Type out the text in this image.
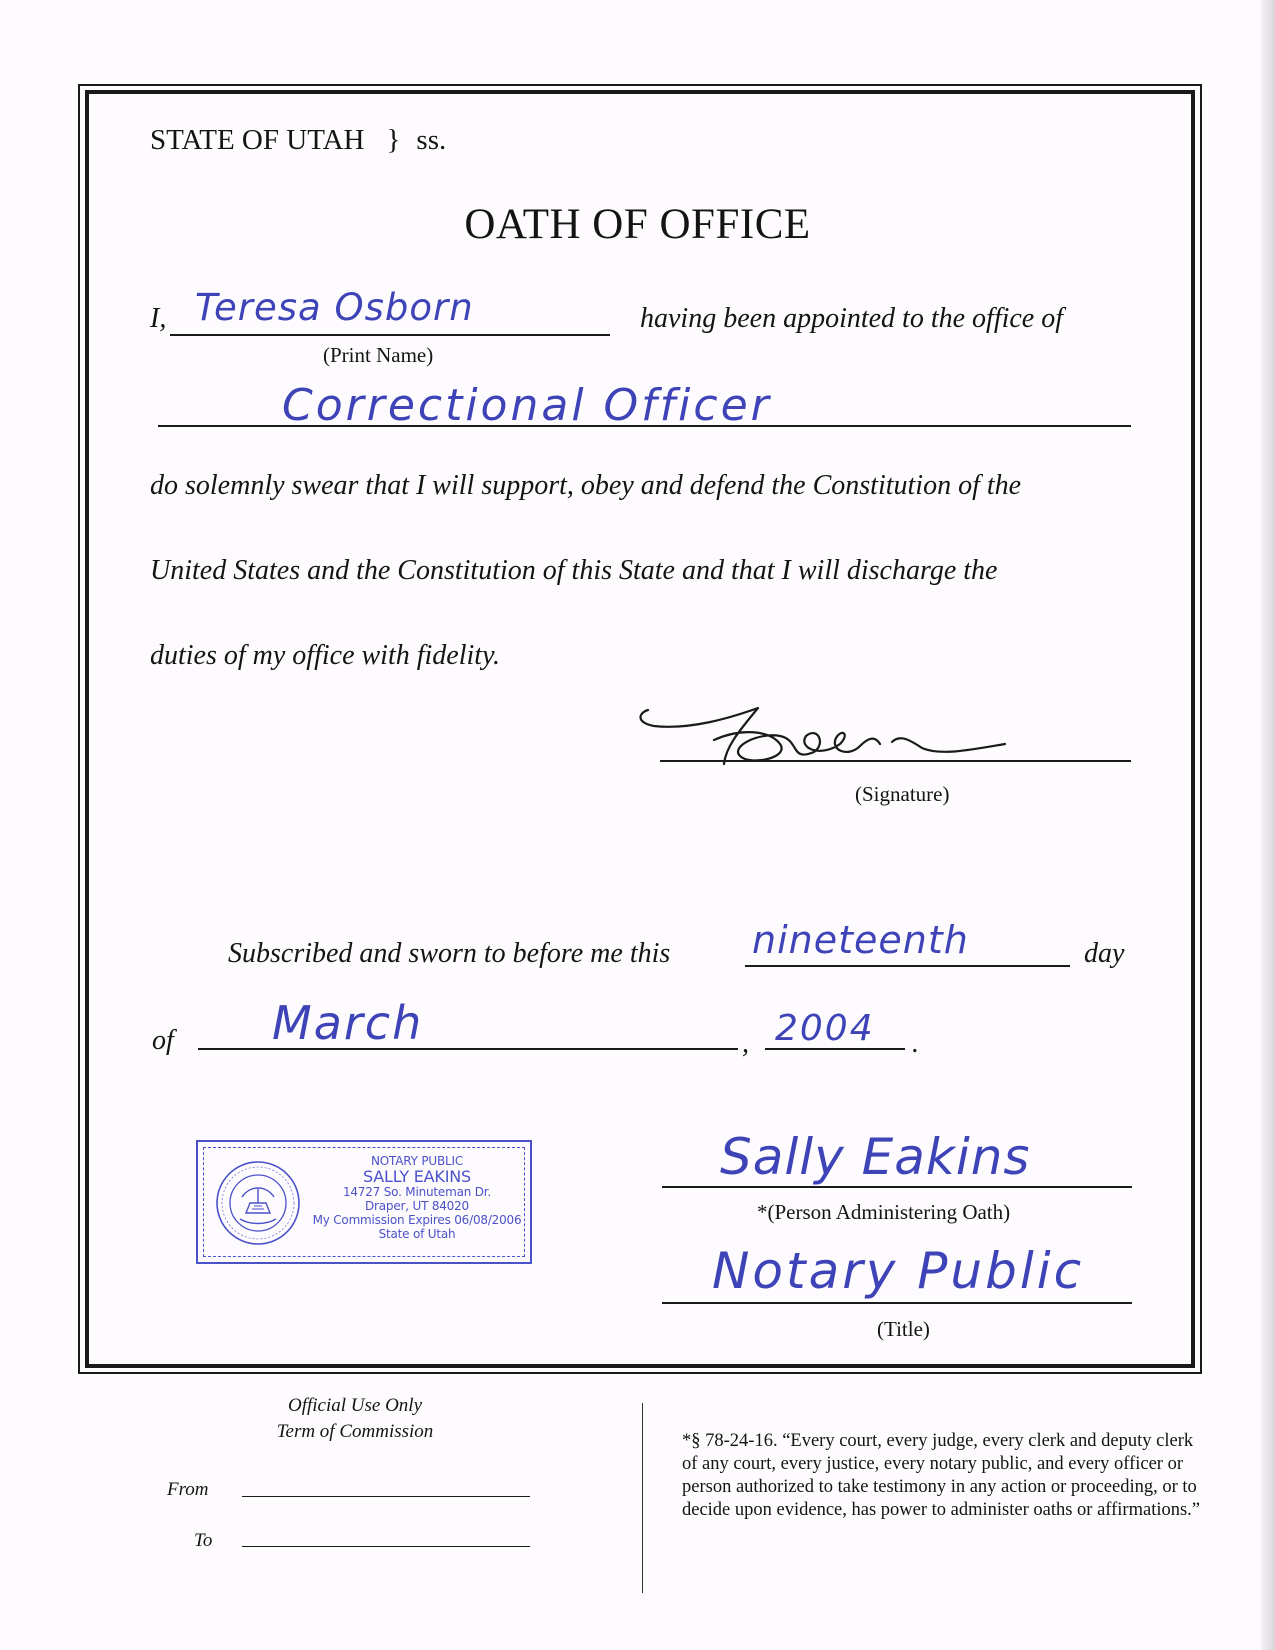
STATE OF UTAH } ss.
OATH OF OFFICE
I, Teresa Osborn	having been appointed to the office of
(Print Name)
Correctional Officer
do solemnly swear that I will support, obey and defend the Constitution of the
United States and the Constitution of this State and that I will discharge the
duties of my office with fidelity.
(Signature)
Subscribed and sworn to before me this nineteenth	day
of March	, 2004 .
NOTARY PUBLIC
SALLY EAKINS
14727 So. Minuteman Dr.
Draper, UT 84020
My Commission Expires 06/08/2006
State of Utah
Sally Eakins
*(Person Administering Oath)
Notary Public
(Title)
Official Use Only
Term of Commission
From
To
*§ 78-24-16. “Every court, every judge, every clerk and deputy clerk of any court, every justice, every notary public, and every officer or person authorized to take testimony in any action or proceeding, or to decide upon evidence, has power to administer oaths or affirmations.”
